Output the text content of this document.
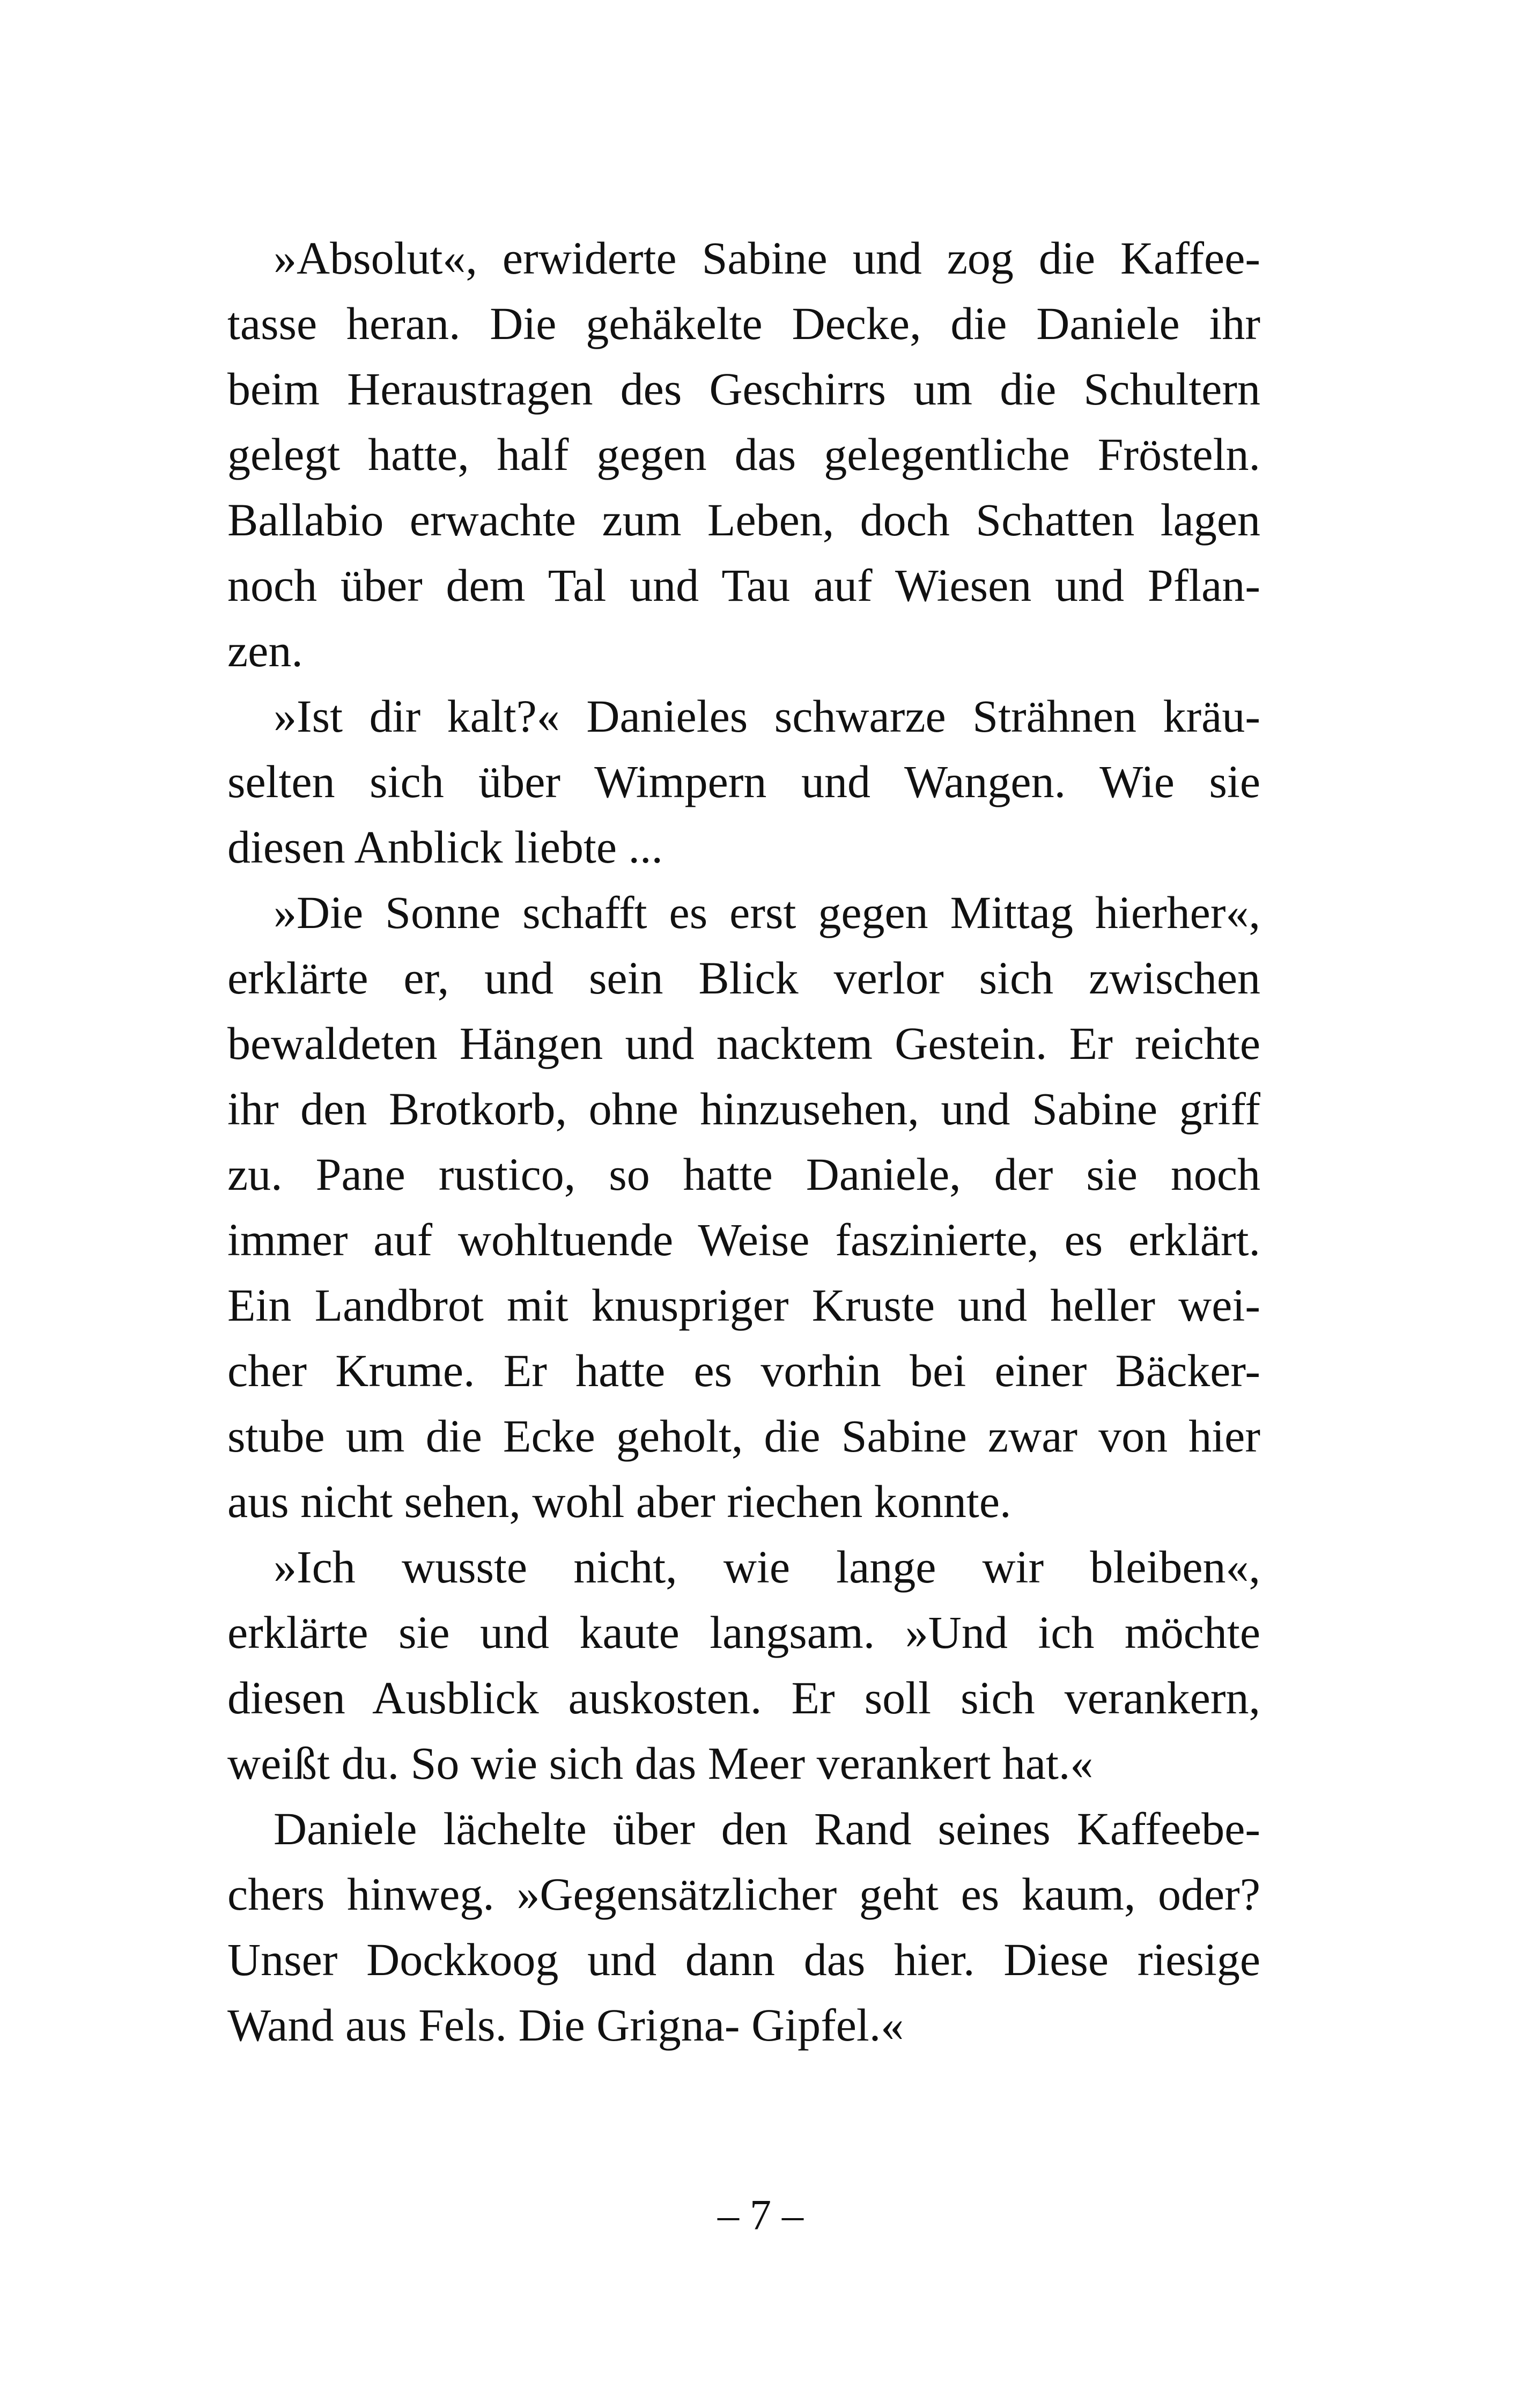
»Absolut«, erwiderte Sabine und zog die Kaffee-
tasse heran. Die gehäkelte Decke, die Daniele ihr
beim Heraustragen des Geschirrs um die Schultern
gelegt hatte, half gegen das gelegentliche Frösteln.
Ballabio erwachte zum Leben, doch Schatten lagen
noch über dem Tal und Tau auf Wiesen und Pflan-
zen.
»Ist dir kalt?« Danieles schwarze Strähnen kräu-
selten sich über Wimpern und Wangen. Wie sie
diesen Anblick liebte ...
»Die Sonne schafft es erst gegen Mittag hierher«,
erklärte er, und sein Blick verlor sich zwischen
bewaldeten Hängen und nacktem Gestein. Er reichte
ihr den Brotkorb, ohne hinzusehen, und Sabine griff
zu. Pane rustico, so hatte Daniele, der sie noch
immer auf wohltuende Weise faszinierte, es erklärt.
Ein Landbrot mit knuspriger Kruste und heller wei-
cher Krume. Er hatte es vorhin bei einer Bäcker-
stube um die Ecke geholt, die Sabine zwar von hier
aus nicht sehen, wohl aber riechen konnte.
»Ich wusste nicht, wie lange wir bleiben«,
erklärte sie und kaute langsam. »Und ich möchte
diesen Ausblick auskosten. Er soll sich verankern,
weißt du. So wie sich das Meer verankert hat.«
Daniele lächelte über den Rand seines Kaffeebe-
chers hinweg. »Gegensätzlicher geht es kaum, oder?
Unser Dockkoog und dann das hier. Diese riesige
Wand aus Fels. Die Grigna- Gipfel.«
– 7 –
